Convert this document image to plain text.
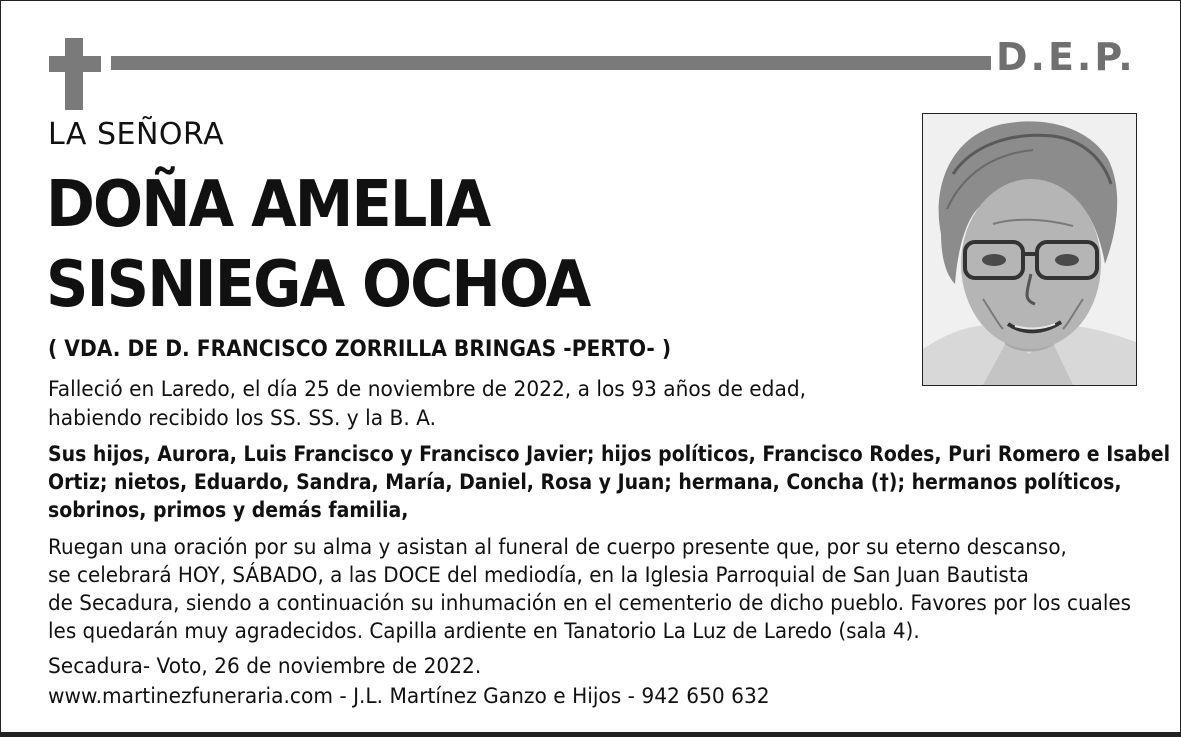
D.E.P.
LA SEÑORA
DOÑA AMELIA
SISNIEGA OCHOA
( VDA. DE D. FRANCISCO ZORRILLA BRINGAS -PERTO- )
Falleció en Laredo, el día 25 de noviembre de 2022, a los 93 años de edad,
habiendo recibido los SS. SS. y la B. A.
Sus hijos, Aurora, Luis Francisco y Francisco Javier; hijos políticos, Francisco Rodes, Puri Romero e Isabel
Ortiz; nietos, Eduardo, Sandra, María, Daniel, Rosa y Juan; hermana, Concha (†); hermanos políticos,
sobrinos, primos y demás familia,
Ruegan una oración por su alma y asistan al funeral de cuerpo presente que, por su eterno descanso,
se celebrará HOY, SÁBADO, a las DOCE del mediodía, en la Iglesia Parroquial de San Juan Bautista
de Secadura, siendo a continuación su inhumación en el cementerio de dicho pueblo. Favores por los cuales
les quedarán muy agradecidos. Capilla ardiente en Tanatorio La Luz de Laredo (sala 4).
Secadura- Voto, 26 de noviembre de 2022.
www.martinezfuneraria.com - J.L. Martínez Ganzo e Hijos - 942 650 632
